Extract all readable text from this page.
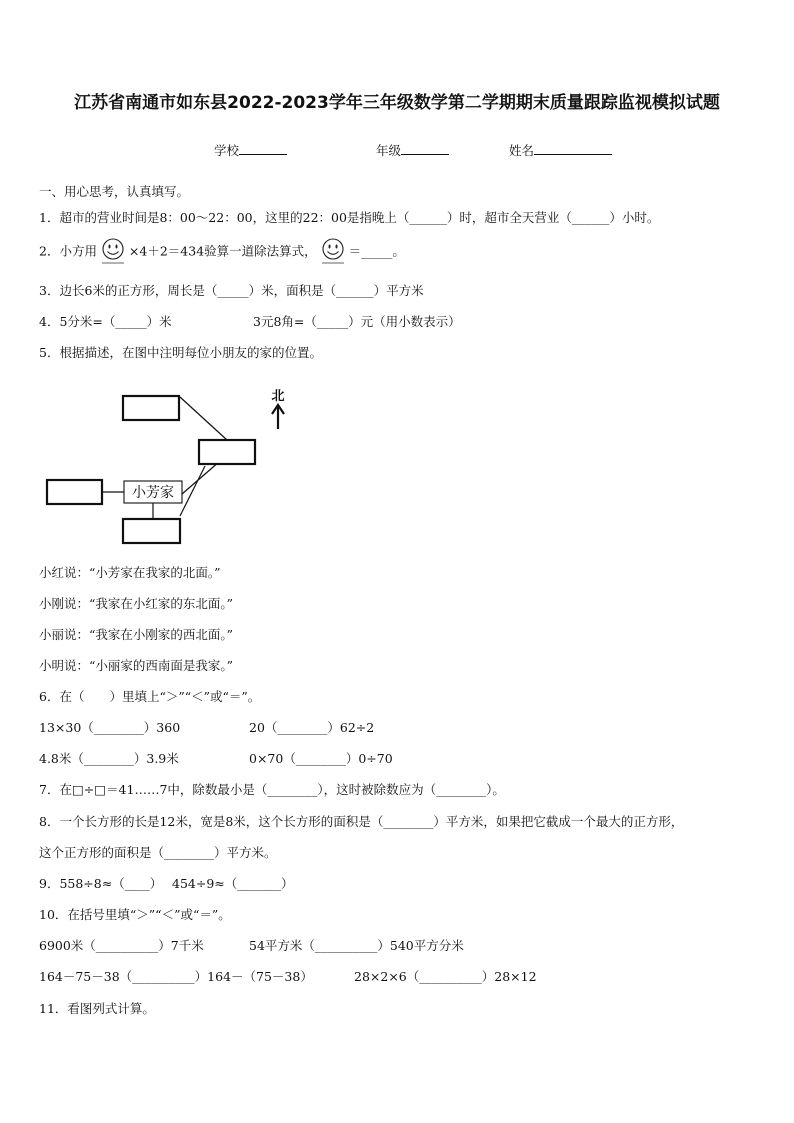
江苏省南通市如东县2022-2023学年三年级数学第二学期期末质量跟踪监视模拟试题
学校	年级	姓名
一、用心思考，认真填写。
1．超市的营业时间是8：00～22：00，这里的22：00是指晚上（______）时，超市全天营业（______）小时。
2．小方用	×4＋2＝434验算一道除法算式，	＝_____。
3．边长6米的正方形，周长是（_____）米，面积是（______）平方米
4．5分米=（_____）米	3元8角=（_____）元（用小数表示）
5．根据描述，在图中注明每位小朋友的家的位置。
小芳家
北
小红说：“小芳家在我家的北面。”
小刚说：“我家在小红家的东北面。”
小丽说：“我家在小刚家的西北面。”
小明说：“小丽家的西南面是我家。”
6．在（　　）里填上“＞”“＜”或“＝”。
13×30（________）360	20（________）62÷2
4.8米（________）3.9米	0×70（________）0÷70
7．在□÷□＝41……7中，除数最小是（________），这时被除数应为（________）。
8．一个长方形的长是12米，宽是8米，这个长方形的面积是（________）平方米，如果把它截成一个最大的正方形，
这个正方形的面积是（________）平方米。
9．558÷8≈（____） 454÷9≈（_______）
10．在括号里填“＞”“＜”或“＝”。
6900米（__________）7千米	54平方米（__________）540平方分米
164－75－38（__________）164－（75－38）	28×2×6（__________）28×12
11．看图列式计算。
